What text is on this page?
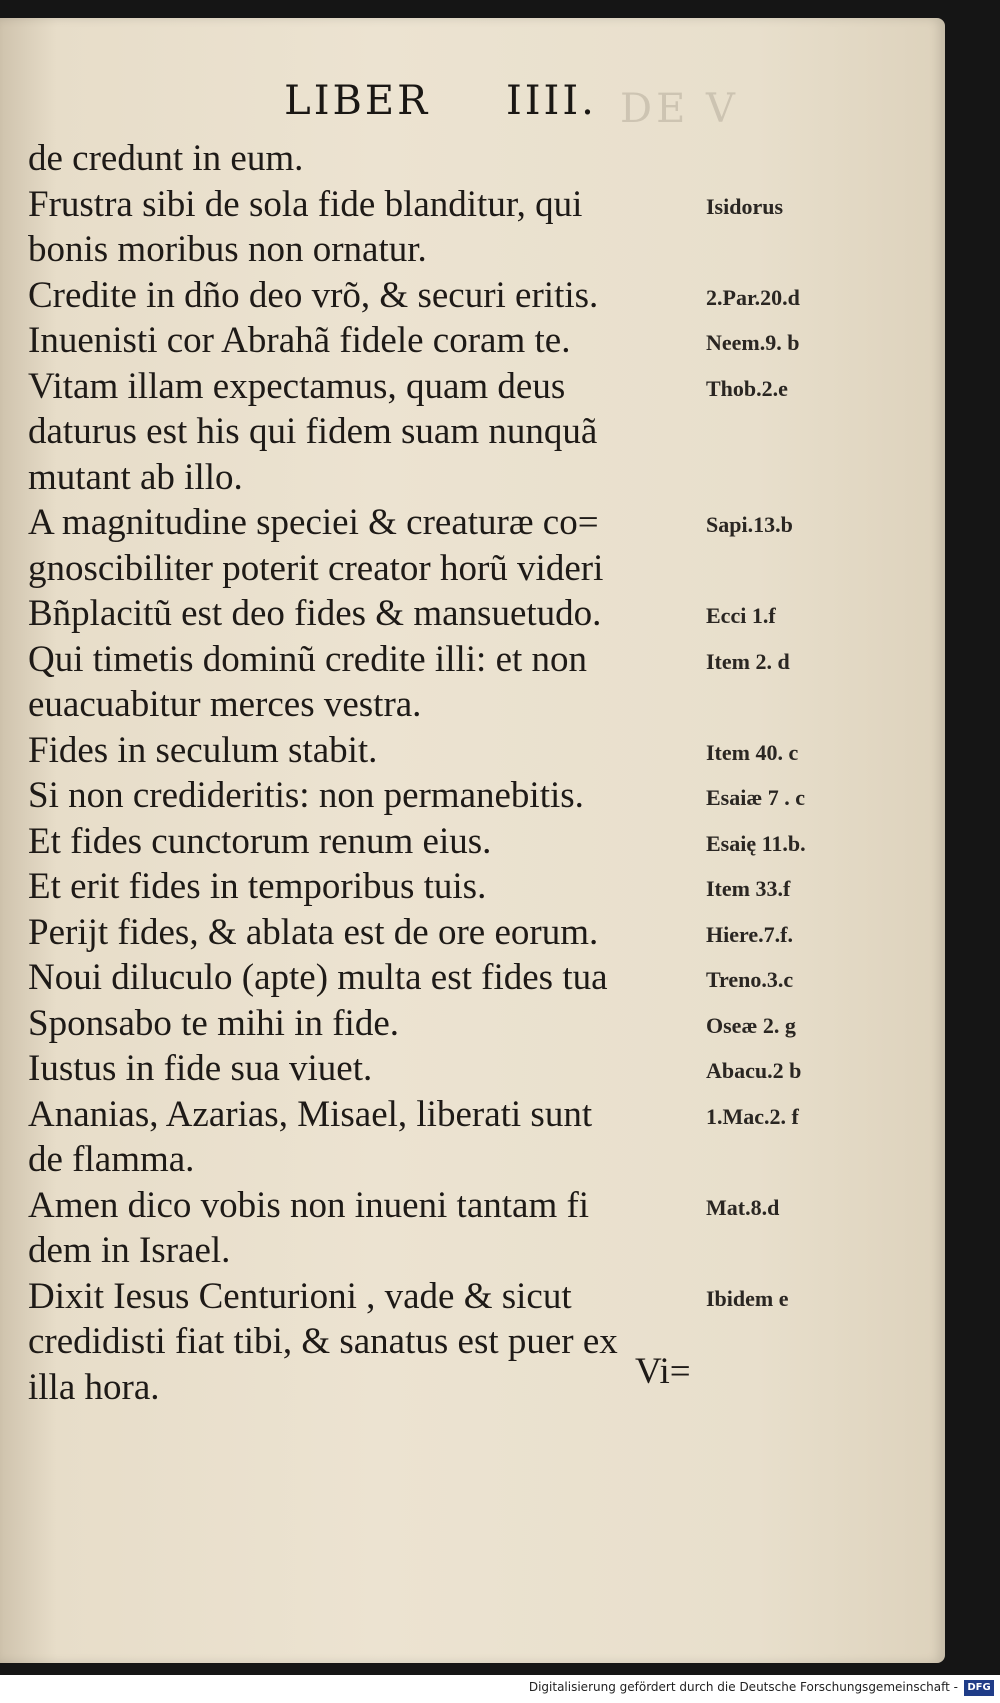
DE V
LIBER IIII.
de credunt in eum.
Frustra sibi de sola fide blanditur, qui	Isidorus
bonis moribus non ornatur.
Credite in dño deo vrõ, & securi eritis.	2.Par.20.d
Inuenisti cor Abrahã fidele coram te.	Neem.9. b
Vitam illam expectamus, quam deus	Thob.2.e
daturus est his qui fidem suam nunquã
mutant ab illo.
A magnitudine speciei & creaturæ co=	Sapi.13.b
gnoscibiliter poterit creator horũ videri
Bñplacitũ est deo fides & mansuetudo.	Ecci 1.f
Qui timetis dominũ credite illi: et non	Item 2. d
euacuabitur merces vestra.
Fides in seculum stabit.	Item 40. c
Si non credideritis: non permanebitis.	Esaiæ 7 . c
Et fides cunctorum renum eius.	Esaię 11.b.
Et erit fides in temporibus tuis.	Item 33.f
Perijt fides, & ablata est de ore eorum.	Hiere.7.f.
Noui diluculo (apte) multa est fides tua	Treno.3.c
Sponsabo te mihi in fide.	Oseæ 2. g
Iustus in fide sua viuet.	Abacu.2 b
Ananias, Azarias, Misael, liberati sunt	1.Mac.2. f
de flamma.
Amen dico vobis non inueni tantam fi	Mat.8.d
dem in Israel.
Dixit Iesus Centurioni , vade & sicut	Ibidem e
credidisti fiat tibi, & sanatus est puer ex
illa hora.	Vi=
Digitalisierung gefördert durch die Deutsche Forschungsgemeinschaft - DFG
